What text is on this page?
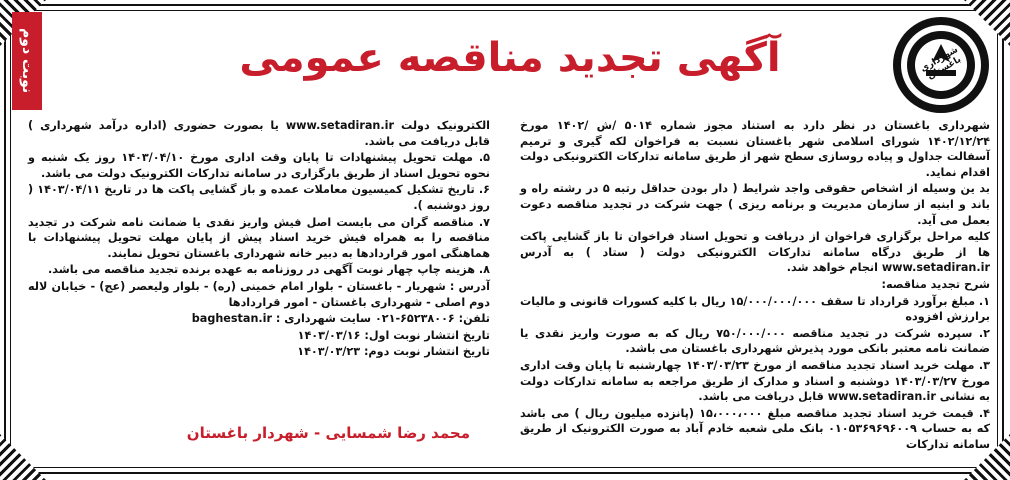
نوبت دوم	شهرداری باغستان
آگهی تجدید مناقصه عمومی

شهرداری باغستان در نظر دارد به استناد مجوز شماره ۵۰۱۴ /ش /۱۴۰۲ مورخ ۱۴۰۲/۱۲/۲۴ شورای اسلامی شهر باغستان نسبت به فراخوان لکه گیری و ترمیم آسفالت جداول و پیاده روسازی سطح شهر از طریق سامانه تدارکات الکترونیکی دولت اقدام نماید.

بد ین وسیله از اشخاص حقوقی واجد شرایط ( دار بودن حداقل رتبه ۵ در رشته راه و باند و ابنیه از سازمان مدیریت و برنامه ریزی ) جهت شرکت در تجدید مناقصه دعوت بعمل می آید.

کلیه مراحل برگزاری فراخوان از دریافت و تحویل اسناد فراخوان تا باز گشایی پاکت ها از طریق درگاه سامانه تدارکات الکترونیکی دولت ( ستاد ) به آدرس www.setadiran.ir انجام خواهد شد.

شرح تجدید مناقصه:

۱. مبلغ برآورد قرارداد تا سقف ۱۵/۰۰۰/۰۰۰/۰۰۰ ریال با کلیه کسورات قانونی و مالیات برارزش افزوده

۲. سپرده شرکت در تجدید مناقصه ۷۵۰/۰۰۰/۰۰۰ ریال که به صورت واریز نقدی یا ضمانت نامه معتبر بانکی مورد پذیرش شهرداری باغستان می باشد.

۳. مهلت خرید اسناد تجدید مناقصه از مورخ ۱۴۰۳/۰۳/۲۳ چهارشنبه تا پایان وقت اداری مورخ ۱۴۰۳/۰۳/۲۷ دوشنبه و اسناد و مدارک از طریق مراجعه به سامانه تدارکات دولت به نشانی www.setadiran.ir قابل دریافت می باشد.

۴. قیمت خرید اسناد تجدید مناقصه مبلغ ۱۵،۰۰۰،۰۰۰ (پانزده میلیون ریال ) می باشد که به حساب ۰۱۰۵۳۶۹۶۹۶۰۰۹ بانک ملی شعبه خادم آباد به صورت الکترونیک از طریق سامانه تدارکات

الکترونیک دولت www.setadiran.ir یا بصورت حضوری (اداره درآمد شهرداری ) قابل دریافت می باشد.

۵. مهلت تحویل پیشنهادات تا پایان وقت اداری مورخ ۱۴۰۳/۰۴/۱۰ روز یک شنبه و نحوه تحویل اسناد از طریق بارگزاری در سامانه تدارکات الکترونیک دولت می باشد.

۶. تاریخ تشکیل کمیسیون معاملات عمده و باز گشایی پاکت ها در تاریخ ۱۴۰۳/۰۴/۱۱ ( روز دوشنبه ).

۷. مناقصه گران می بایست اصل فیش واریز نقدی یا ضمانت نامه شرکت در تجدید مناقصه را به همراه فیش خرید اسناد پیش از پایان مهلت تحویل پیشنهادات با هماهنگی امور قراردادها به دبیر خانه شهرداری باغستان تحویل نمایند.

۸. هزینه چاپ چهار نوبت آگهی در روزنامه به عهده برنده تجدید مناقصه می باشد.

آدرس : شهریار - باغستان - بلوار امام خمینی (ره) - بلوار ولیعصر (عج) - خیابان لاله دوم اصلی - شهرداری باغستان - امور قراردادها

تلفن: ۶۵۲۳۸۰۰۶-۰۲۱ سایت شهرداری : baghestan.ir

تاریخ انتشار نوبت اول: ۱۴۰۳/۰۳/۱۶

تاریخ انتشار نوبت دوم: ۱۴۰۳/۰۳/۲۳

محمد رضا شمسایی - شهردار باغستان
